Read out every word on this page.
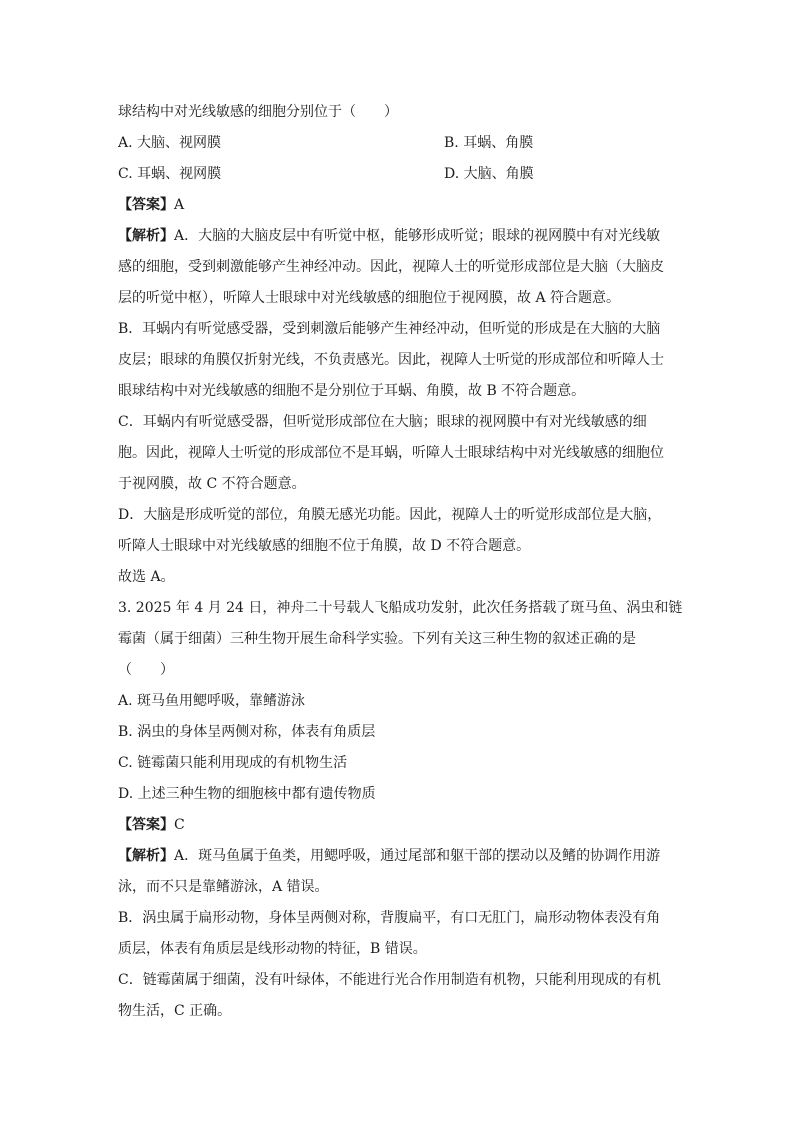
球结构中对光线敏感的细胞分别位于（　　）
A. 大脑、视网膜	B. 耳蜗、角膜
C. 耳蜗、视网膜	D. 大脑、角膜
【答案】A
【解析】A．大脑的大脑皮层中有听觉中枢，能够形成听觉；眼球的视网膜中有对光线敏
感的细胞，受到刺激能够产生神经冲动。因此，视障人士的听觉形成部位是大脑（大脑皮
层的听觉中枢），听障人士眼球中对光线敏感的细胞位于视网膜，故 A 符合题意。
B．耳蜗内有听觉感受器，受到刺激后能够产生神经冲动，但听觉的形成是在大脑的大脑
皮层；眼球的角膜仅折射光线，不负责感光。因此，视障人士听觉的形成部位和听障人士
眼球结构中对光线敏感的细胞不是分别位于耳蜗、角膜，故 B 不符合题意。
C．耳蜗内有听觉感受器，但听觉形成部位在大脑；眼球的视网膜中有对光线敏感的细
胞。因此，视障人士听觉的形成部位不是耳蜗，听障人士眼球结构中对光线敏感的细胞位
于视网膜，故 C 不符合题意。
D．大脑是形成听觉的部位，角膜无感光功能。因此，视障人士的听觉形成部位是大脑，
听障人士眼球中对光线敏感的细胞不位于角膜，故 D 不符合题意。
故选 A。
3. 2025 年 4 月 24 日，神舟二十号载人飞船成功发射，此次任务搭载了斑马鱼、涡虫和链
霉菌（属于细菌）三种生物开展生命科学实验。下列有关这三种生物的叙述正确的是
（　　）
A. 斑马鱼用鳃呼吸，靠鳍游泳
B. 涡虫的身体呈两侧对称，体表有角质层
C. 链霉菌只能利用现成的有机物生活
D. 上述三种生物的细胞核中都有遗传物质
【答案】C
【解析】A．斑马鱼属于鱼类，用鳃呼吸，通过尾部和躯干部的摆动以及鳍的协调作用游
泳，而不只是靠鳍游泳，A 错误。
B．涡虫属于扁形动物，身体呈两侧对称，背腹扁平，有口无肛门，扁形动物体表没有角
质层，体表有角质层是线形动物的特征，B 错误。
C．链霉菌属于细菌，没有叶绿体，不能进行光合作用制造有机物，只能利用现成的有机
物生活，C 正确。
